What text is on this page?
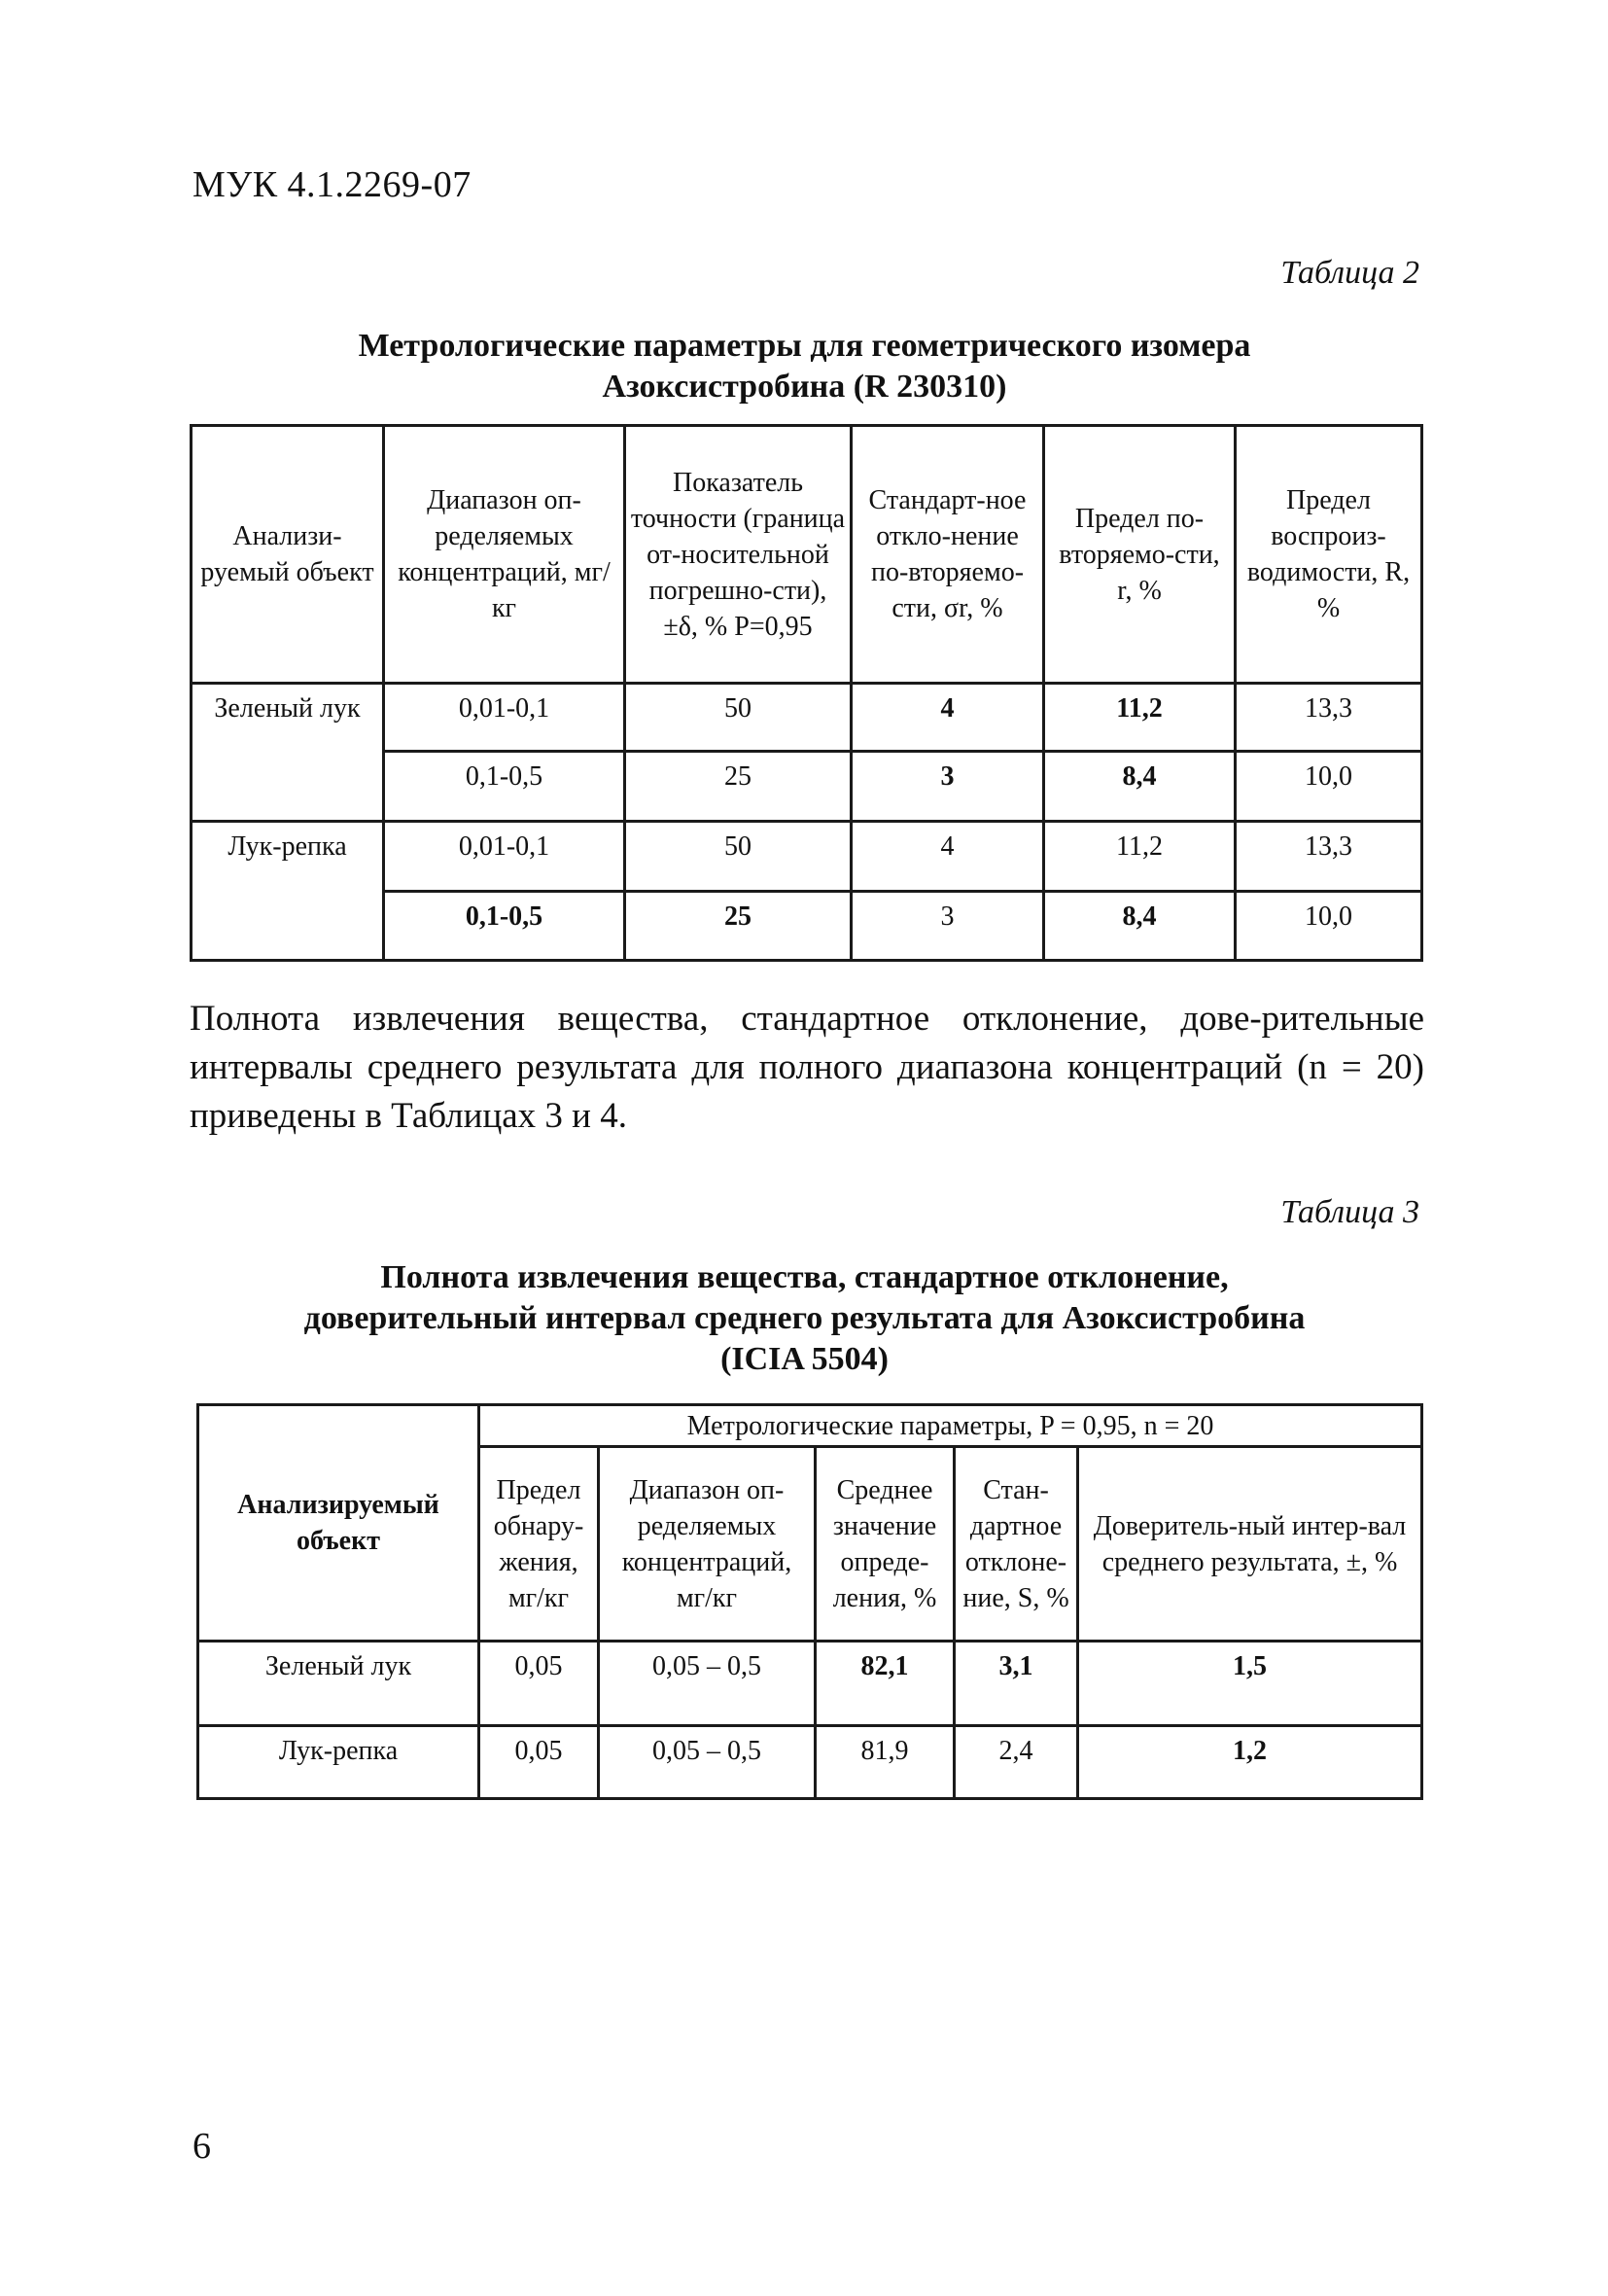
МУК 4.1.2269-07
Таблица 2
Метрологические параметры для геометрического изомера
Азоксистробина (R 230310)
Анализи-руемый объект	Диапазон оп-ределяемых концентраций, мг/кг	Показатель точности (граница от-носительной погрешно-сти), ±δ, % P=0,95	Стандарт-ное откло-нение по-вторяемо-сти, σr, %	Предел по-вторяемо-сти, r, %	Предел воспроиз-водимости, R, %
Зеленый лук	0,01-0,1	50	4	11,2	13,3
	0,1-0,5	25	3	8,4	10,0
Лук-репка	0,01-0,1	50	4	11,2	13,3
	0,1-0,5	25	3	8,4	10,0
Полнота извлечения вещества, стандартное отклонение, дове-рительные интервалы среднего результата для полного диапазона концентраций (n = 20) приведены в Таблицах 3 и 4.
Таблица 3
Полнота извлечения вещества, стандартное отклонение,
доверительный интервал среднего результата для Азоксистробина
(ICIA 5504)
Анализируемый объект	Метрологические параметры, P = 0,95, n = 20				
	Предел обнару-жения, мг/кг	Диапазон оп-ределяемых концентраций, мг/кг	Среднее значение опреде-ления, %	Стан-дартное отклоне-ние, S, %	Доверитель-ный интер-вал среднего результата, ±, %
Зеленый лук	0,05	0,05 – 0,5	82,1	3,1	1,5
Лук-репка	0,05	0,05 – 0,5	81,9	2,4	1,2
6
